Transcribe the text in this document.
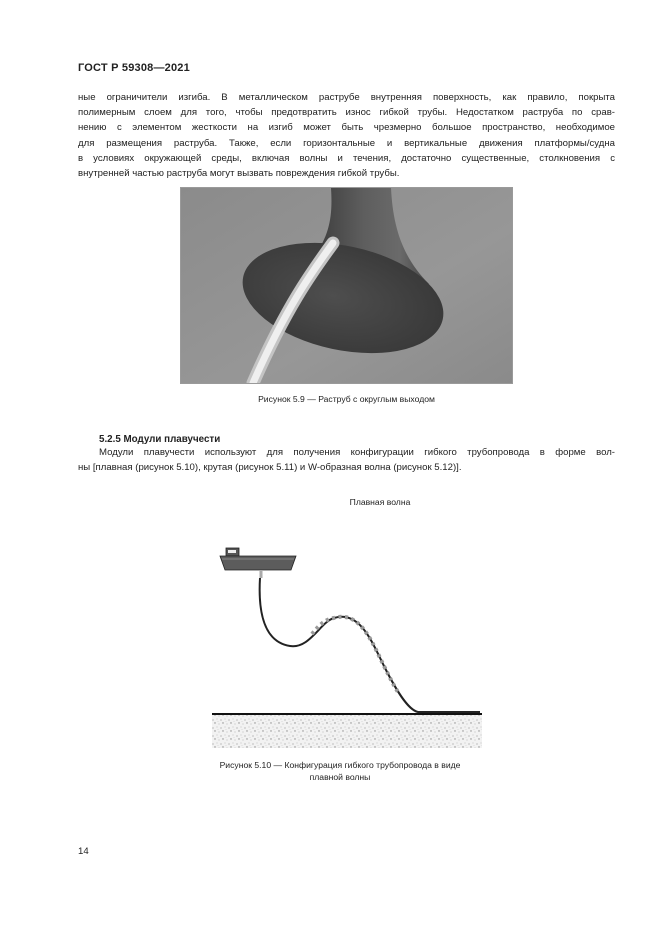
ГОСТ Р 59308—2021
ные ограничители изгиба. В металлическом раструбе внутренняя поверхность, как правило, покрыта
полимерным слоем для того, чтобы предотвратить износ гибкой трубы. Недостатком раструба по срав-
нению с элементом жесткости на изгиб может быть чрезмерно большое пространство, необходимое
для размещения раструба. Также, если горизонтальные и вертикальные движения платформы/судна
в условиях окружающей среды, включая волны и течения, достаточно существенные, столкновения с
внутренней частью раструба могут вызвать повреждения гибкой трубы.
Рисунок 5.9 — Раструб с округлым выходом
5.2.5 Модули плавучести
Модули плавучести используют для получения конфигурации гибкого трубопровода в форме вол-
ны [плавная (рисунок 5.10), крутая (рисунок 5.11) и W-образная волна (рисунок 5.12)].
Плавная волна
Рисунок 5.10 — Конфигурация гибкого трубопровода в виде
плавной волны
14
